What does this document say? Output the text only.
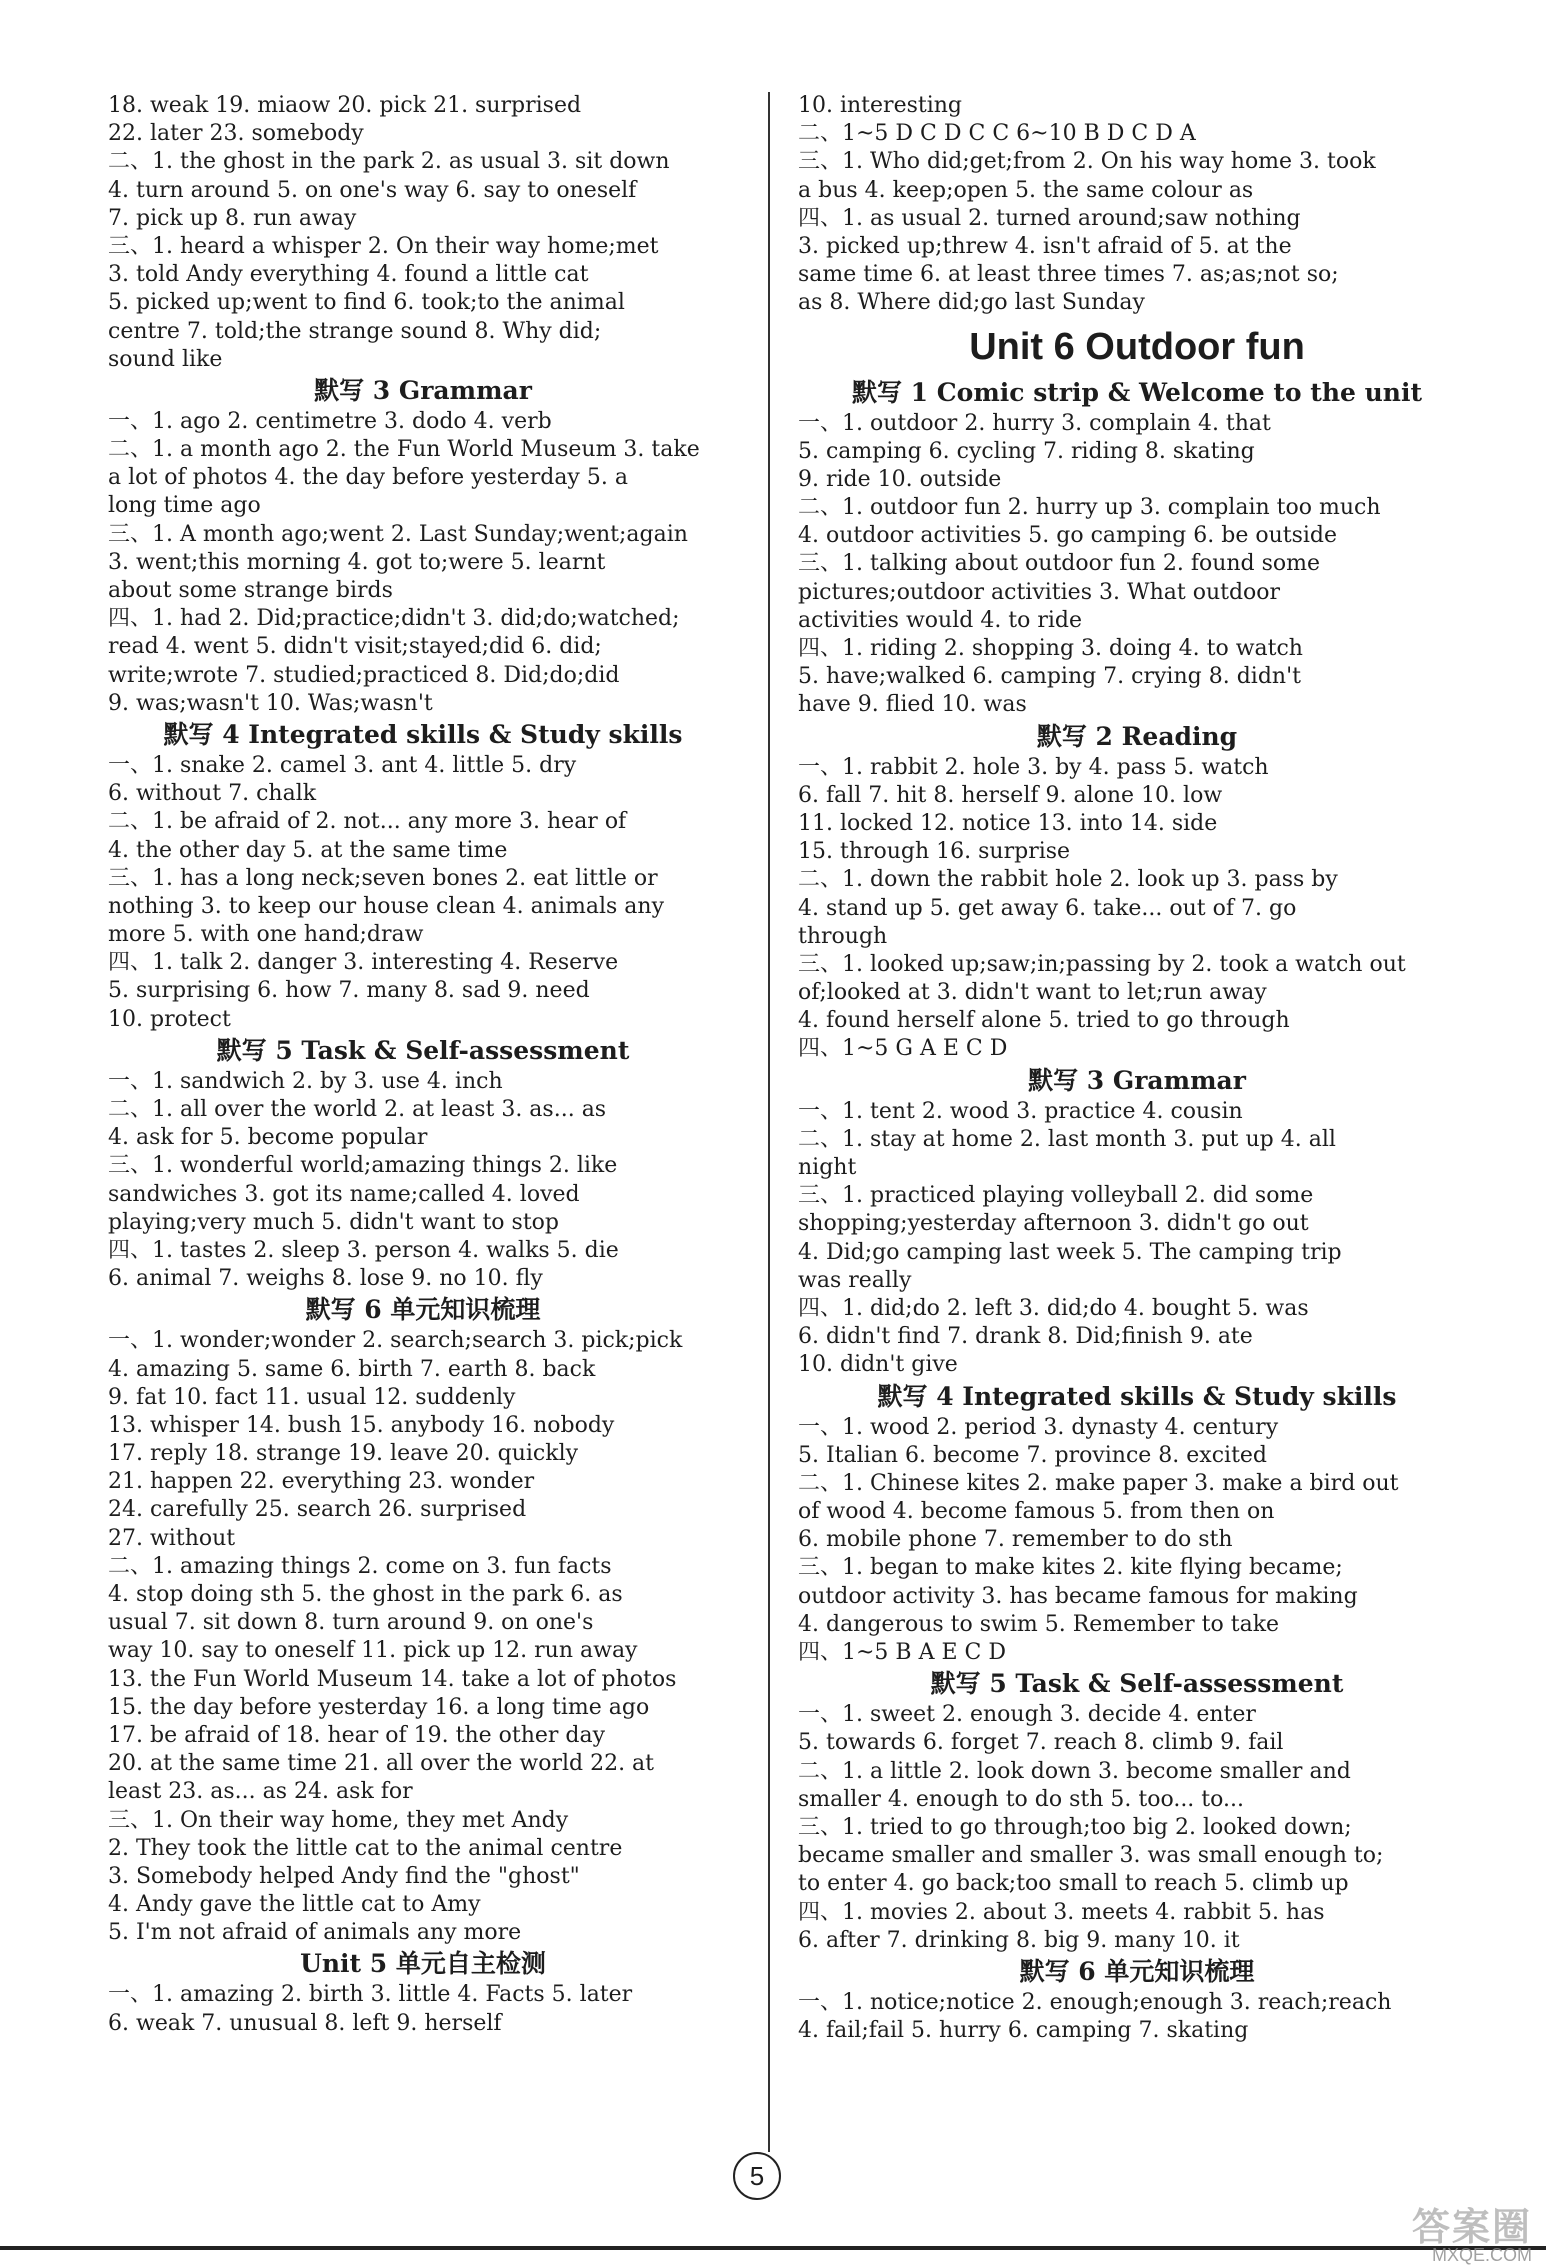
18. weak 19. miaow 20. pick 21. surprised
22. later 23. somebody
二、1. the ghost in the park 2. as usual 3. sit down
4. turn around 5. on one's way 6. say to oneself
7. pick up 8. run away
三、1. heard a whisper 2. On their way home;met
3. told Andy everything 4. found a little cat
5. picked up;went to find 6. took;to the animal
centre 7. told;the strange sound 8. Why did;
sound like
默写 3 Grammar
一、1. ago 2. centimetre 3. dodo 4. verb
二、1. a month ago 2. the Fun World Museum 3. take
a lot of photos 4. the day before yesterday 5. a
long time ago
三、1. A month ago;went 2. Last Sunday;went;again
3. went;this morning 4. got to;were 5. learnt
about some strange birds
四、1. had 2. Did;practice;didn't 3. did;do;watched;
read 4. went 5. didn't visit;stayed;did 6. did;
write;wrote 7. studied;practiced 8. Did;do;did
9. was;wasn't 10. Was;wasn't
默写 4 Integrated skills & Study skills
一、1. snake 2. camel 3. ant 4. little 5. dry
6. without 7. chalk
二、1. be afraid of 2. not... any more 3. hear of
4. the other day 5. at the same time
三、1. has a long neck;seven bones 2. eat little or
nothing 3. to keep our house clean 4. animals any
more 5. with one hand;draw
四、1. talk 2. danger 3. interesting 4. Reserve
5. surprising 6. how 7. many 8. sad 9. need
10. protect
默写 5 Task & Self-assessment
一、1. sandwich 2. by 3. use 4. inch
二、1. all over the world 2. at least 3. as... as
4. ask for 5. become popular
三、1. wonderful world;amazing things 2. like
sandwiches 3. got its name;called 4. loved
playing;very much 5. didn't want to stop
四、1. tastes 2. sleep 3. person 4. walks 5. die
6. animal 7. weighs 8. lose 9. no 10. fly
默写 6 单元知识梳理
一、1. wonder;wonder 2. search;search 3. pick;pick
4. amazing 5. same 6. birth 7. earth 8. back
9. fat 10. fact 11. usual 12. suddenly
13. whisper 14. bush 15. anybody 16. nobody
17. reply 18. strange 19. leave 20. quickly
21. happen 22. everything 23. wonder
24. carefully 25. search 26. surprised
27. without
二、1. amazing things 2. come on 3. fun facts
4. stop doing sth 5. the ghost in the park 6. as
usual 7. sit down 8. turn around 9. on one's
way 10. say to oneself 11. pick up 12. run away
13. the Fun World Museum 14. take a lot of photos
15. the day before yesterday 16. a long time ago
17. be afraid of 18. hear of 19. the other day
20. at the same time 21. all over the world 22. at
least 23. as... as 24. ask for
三、1. On their way home, they met Andy
2. They took the little cat to the animal centre
3. Somebody helped Andy find the "ghost"
4. Andy gave the little cat to Amy
5. I'm not afraid of animals any more
Unit 5 单元自主检测
一、1. amazing 2. birth 3. little 4. Facts 5. later
6. weak 7. unusual 8. left 9. herself
10. interesting
二、1~5 D C D C C 6~10 B D C D A
三、1. Who did;get;from 2. On his way home 3. took
a bus 4. keep;open 5. the same colour as
四、1. as usual 2. turned around;saw nothing
3. picked up;threw 4. isn't afraid of 5. at the
same time 6. at least three times 7. as;as;not so;
as 8. Where did;go last Sunday
Unit 6 Outdoor fun
默写 1 Comic strip & Welcome to the unit
一、1. outdoor 2. hurry 3. complain 4. that
5. camping 6. cycling 7. riding 8. skating
9. ride 10. outside
二、1. outdoor fun 2. hurry up 3. complain too much
4. outdoor activities 5. go camping 6. be outside
三、1. talking about outdoor fun 2. found some
pictures;outdoor activities 3. What outdoor
activities would 4. to ride
四、1. riding 2. shopping 3. doing 4. to watch
5. have;walked 6. camping 7. crying 8. didn't
have 9. flied 10. was
默写 2 Reading
一、1. rabbit 2. hole 3. by 4. pass 5. watch
6. fall 7. hit 8. herself 9. alone 10. low
11. locked 12. notice 13. into 14. side
15. through 16. surprise
二、1. down the rabbit hole 2. look up 3. pass by
4. stand up 5. get away 6. take... out of 7. go
through
三、1. looked up;saw;in;passing by 2. took a watch out
of;looked at 3. didn't want to let;run away
4. found herself alone 5. tried to go through
四、1~5 G A E C D
默写 3 Grammar
一、1. tent 2. wood 3. practice 4. cousin
二、1. stay at home 2. last month 3. put up 4. all
night
三、1. practiced playing volleyball 2. did some
shopping;yesterday afternoon 3. didn't go out
4. Did;go camping last week 5. The camping trip
was really
四、1. did;do 2. left 3. did;do 4. bought 5. was
6. didn't find 7. drank 8. Did;finish 9. ate
10. didn't give
默写 4 Integrated skills & Study skills
一、1. wood 2. period 3. dynasty 4. century
5. Italian 6. become 7. province 8. excited
二、1. Chinese kites 2. make paper 3. make a bird out
of wood 4. become famous 5. from then on
6. mobile phone 7. remember to do sth
三、1. began to make kites 2. kite flying became;
outdoor activity 3. has became famous for making
4. dangerous to swim 5. Remember to take
四、1~5 B A E C D
默写 5 Task & Self-assessment
一、1. sweet 2. enough 3. decide 4. enter
5. towards 6. forget 7. reach 8. climb 9. fail
二、1. a little 2. look down 3. become smaller and
smaller 4. enough to do sth 5. too... to...
三、1. tried to go through;too big 2. looked down;
became smaller and smaller 3. was small enough to;
to enter 4. go back;too small to reach 5. climb up
四、1. movies 2. about 3. meets 4. rabbit 5. has
6. after 7. drinking 8. big 9. many 10. it
默写 6 单元知识梳理
一、1. notice;notice 2. enough;enough 3. reach;reach
4. fail;fail 5. hurry 6. camping 7. skating
5
答案圈
MXQE.COM
